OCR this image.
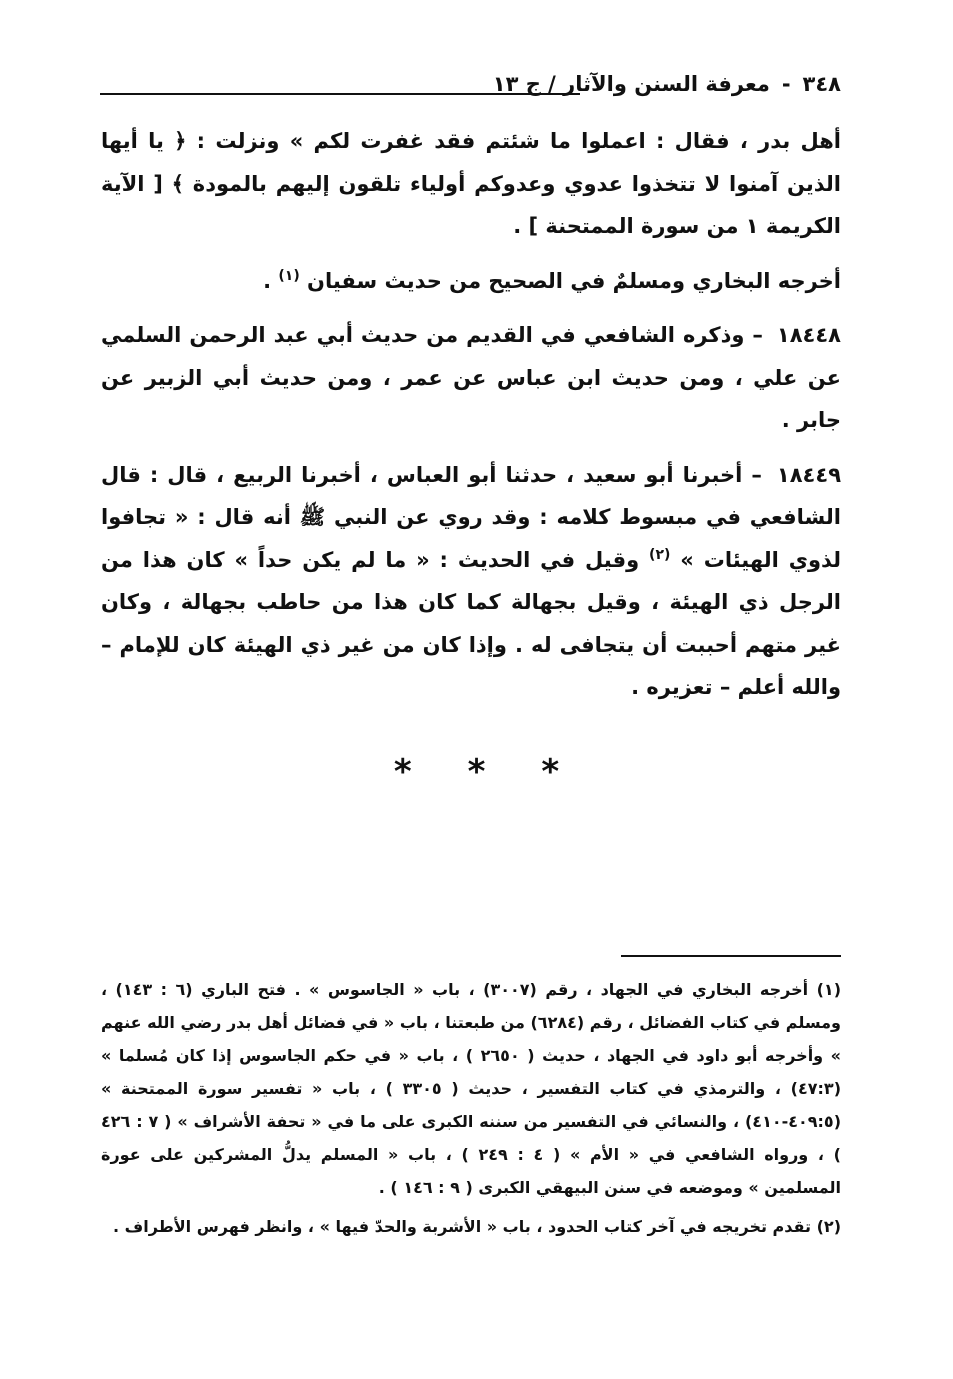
٣٤٨
-
معرفة السنن والآثار / ج ١٣

أهل بدر ، فقال : اعملوا ما شئتم فقد غفرت لكم » ونزلت : ﴿ يا أيها الذين آمنوا لا تتخذوا عدوي وعدوكم أولياء تلقون إليهم بالمودة ﴾ [ الآية الكريمة ١ من سورة الممتحنة ] .

أخرجه البخاري ومسلمٌ في الصحيح من حديث سفيان $^{(١)}$ .

١٨٤٤٨ – وذكره الشافعي في القديم من حديث أبي عبد الرحمن السلمي عن علي ، ومن حديث ابن عباس عن عمر ، ومن حديث أبي الزبير عن جابر .

١٨٤٤٩ – أخبرنا أبو سعيد ، حدثنا أبو العباس ، أخبرنا الربيع ، قال : قال الشافعي في مبسوط كلامه : وقد روي عن النبي ﷺ أنه قال : « تجافوا لذوي الهيئات » $^{(٢)}$ وقيل في الحديث : « ما لم يكن حداً » كان هذا من الرجل ذي الهيئة ، وقيل بجهالة كما كان هذا من حاطب بجهالة ، وكان غير متهم أحببت أن يتجافى له . وإذا كان من غير ذي الهيئة كان للإمام – والله أعلم – تعزيره .

* * *

(١) أخرجه البخاري في الجهاد ، رقم (٣٠٠٧) ، باب « الجاسوس » . فتح الباري (٦ : ١٤٣) ، ومسلم في كتاب الفضائل ، رقم (٦٢٨٤) من طبعتنا ، باب « في فضائل أهل بدر رضي الله عنهم » وأخرجه أبو داود في الجهاد ، حديث ( ٢٦٥٠ ) ، باب « في حكم الجاسوس إذا كان مُسلما » (٤٧:٣) ، والترمذي في كتاب التفسير ، حديث ( ٣٣٠٥ ) ، باب « تفسير سورة الممتحنة » (٤٠٩:٥-٤١٠) ، والنسائي في التفسير من سننه الكبرى على ما في « تحفة الأشراف » ( ٧ : ٤٢٦ ) ، ورواه الشافعي في « الأم » ( ٤ : ٢٤٩ ) ، باب « المسلم يدلُّ المشركين على عورة المسلمين » وموضعه في سنن البيهقي الكبرى ( ٩ : ١٤٦ ) .

(٢) تقدم تخريجه في آخر كتاب الحدود ، باب « الأشربة والحدّ فيها » ، وانظر فهرس الأطراف .
